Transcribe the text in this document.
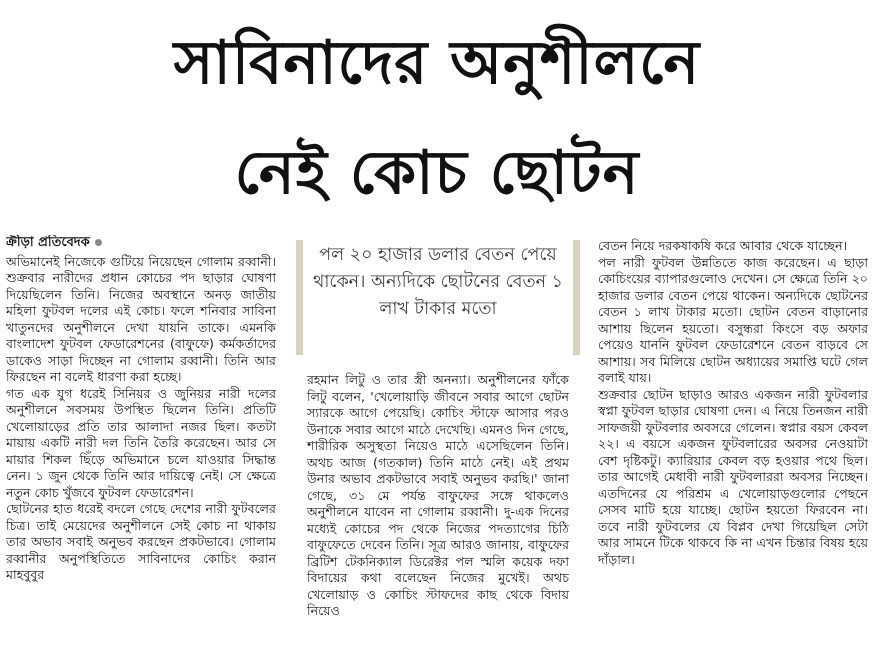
সাবিনাদের অনুশীলনে
নেই কোচ ছোটন
ক্রীড়া প্রতিবেদক

অভিমানেই নিজেকে গুটিয়ে নিয়েছেন গোলাম রব্বানী। শুক্রবার নারীদের প্রধান কোচের পদ ছাড়ার ঘোষণা দিয়েছিলেন তিনি। নিজের অবস্থানে অনড় জাতীয় মহিলা ফুটবল দলের এই কোচ। ফলে শনিবার সাবিনা খাতুনদের অনুশীলনে দেখা যায়নি তাকে। এমনকি বাংলাদেশ ফুটবল ফেডারেশনের (বাফুফে) কর্মকর্তাদের ডাকেও সাড়া দিচ্ছেন না গোলাম রব্বানী। তিনি আর ফিরছেন না বলেই ধারণা করা হচ্ছে।

গত এক যুগ ধরেই সিনিয়র ও জুনিয়র নারী দলের অনুশীলনে সবসময় উপস্থিত ছিলেন তিনি। প্রতিটি খেলোয়াড়ের প্রতি তার আলাদা নজর ছিল। কতটা মায়ায় একটি নারী দল তিনি তৈরি করেছেন। আর সে মায়ার শিকল ছিঁড়ে অভিমানে চলে যাওয়ার সিদ্ধান্ত নেন। ১ জুন থেকে তিনি আর দায়িত্বে নেই। সে ক্ষেত্রে নতুন কোচ খুঁজবে ফুটবল ফেডারেশন।

ছোটনের হাত ধরেই বদলে গেছে দেশের নারী ফুটবলের চিত্র। তাই মেয়েদের অনুশীলনে সেই কোচ না থাকায় তার অভাব সবাই অনুভব করছেন প্রকটভাবে। গোলাম রব্বানীর অনুপস্থিতিতে সাবিনাদের কোচিং করান মাহবুবুর

পল ২০ হাজার ডলার বেতন পেয়ে থাকেন। অন্যদিকে ছোটনের বেতন ১ লাখ টাকার মতো

রহমান লিটু ও তার স্ত্রী অনন্যা। অনুশীলনের ফাঁকে লিটু বলেন, 'খেলোয়াড়ি জীবনে সবার আগে ছোটন স্যারকে আগে পেয়েছি। কোচিং স্টাফে আসার পরও উনাকে সবার আগে মাঠে দেখেছি। এমনও দিন গেছে, শারীরিক অসুস্থতা নিয়েও মাঠে এসেছিলেন তিনি। অথচ আজ (গতকাল) তিনি মাঠে নেই। এই প্রথম উনার অভাব প্রকটভাবে সবাই অনুভব করছি।' জানা গেছে, ৩১ মে পর্যন্ত বাফুফের সঙ্গে থাকলেও অনুশীলনে যাবেন না গোলাম রব্বানী। দু-এক দিনের মধ্যেই কোচের পদ থেকে নিজের পদত্যাগের চিঠি বাফুফেতে দেবেন তিনি। সূত্র আরও জানায়, বাফুফের ব্রিটিশ টেকনিক্যাল ডিরেক্টর পল স্মলি কয়েক দফা বিদায়ের কথা বলেছেন নিজের মুখেই। অথচ খেলোয়াড় ও কোচিং স্টাফদের কাছ থেকে বিদায় নিয়েও

বেতন নিয়ে দরকষাকষি করে আবার থেকে যাচ্ছেন।

পল নারী ফুটবল উন্নতিতে কাজ করেছেন। এ ছাড়া কোচিংয়ের ব্যাপারগুলোও দেখেন। সে ক্ষেত্রে তিনি ২০ হাজার ডলার বেতন পেয়ে থাকেন। অন্যদিকে ছোটনের বেতন ১ লাখ টাকার মতো। ছোটন বেতন বাড়ানোর আশায় ছিলেন হয়তো। বসুন্ধরা কিংসে বড় অফার পেয়েও যাননি ফুটবল ফেডারেশনে বেতন বাড়বে সে আশায়। সব মিলিয়ে ছোটন অধ্যায়ের সমাপ্তি ঘটে গেল বলাই যায়।

শুক্রবার ছোটন ছাড়াও আরও একজন নারী ফুটবলার স্বপ্না ফুটবল ছাড়ার ঘোষণা দেন। এ নিয়ে তিনজন নারী সাফজয়ী ফুটবলার অবসরে গেলেন। স্বপ্নার বয়স কেবল ২২। এ বয়সে একজন ফুটবলারের অবসর নেওয়াটা বেশ দৃষ্টিকটু। ক্যারিয়ার কেবল বড় হওয়ার পথে ছিল। তার আগেই মেধাবী নারী ফুটবলাররা অবসর নিচ্ছেন। এতদিনের যে পরিশ্রম এ খেলোয়াড়গুলোর পেছনে সেসব মাটি হয়ে যাচ্ছে। ছোটন হয়তো ফিরবেন না। তবে নারী ফুটবলের যে বিপ্লব দেখা গিয়েছিল সেটা আর সামনে টিকে থাকবে কি না এখন চিন্তার বিষয় হয়ে দাঁড়াল।
